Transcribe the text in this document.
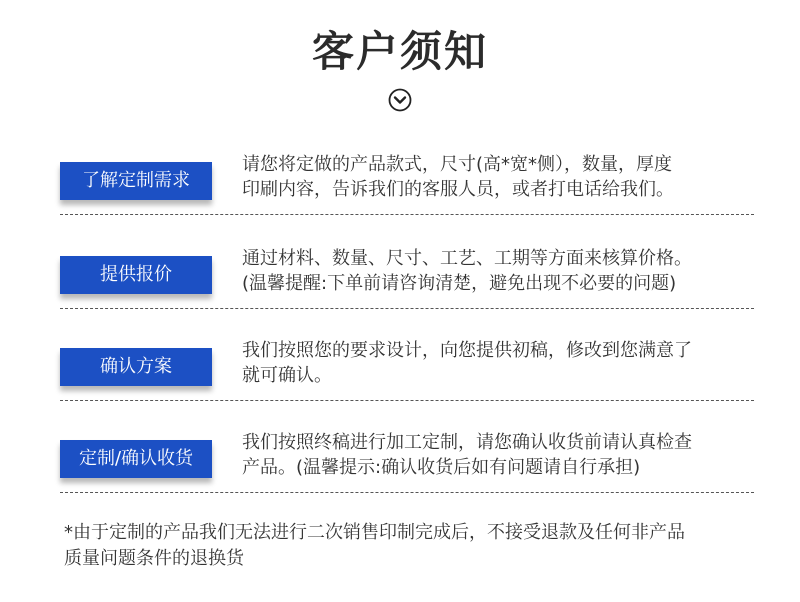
客户须知
了解定制需求
请您将定做的产品款式，尺寸(高*宽*侧），数量，厚度
印刷内容，告诉我们的客服人员，或者打电话给我们。
提供报价
通过材料、数量、尺寸、工艺、工期等方面来核算价格。
(温馨提醒:下单前请咨询清楚，避免出现不必要的问题)
确认方案
我们按照您的要求设计，向您提供初稿，修改到您满意了
就可确认。
定制/确认收货
我们按照终稿进行加工定制，请您确认收货前请认真检查
产品。(温馨提示:确认收货后如有问题请自行承担)
*由于定制的产品我们无法进行二次销售印制完成后，不接受退款及任何非产品
质量问题条件的退换货
